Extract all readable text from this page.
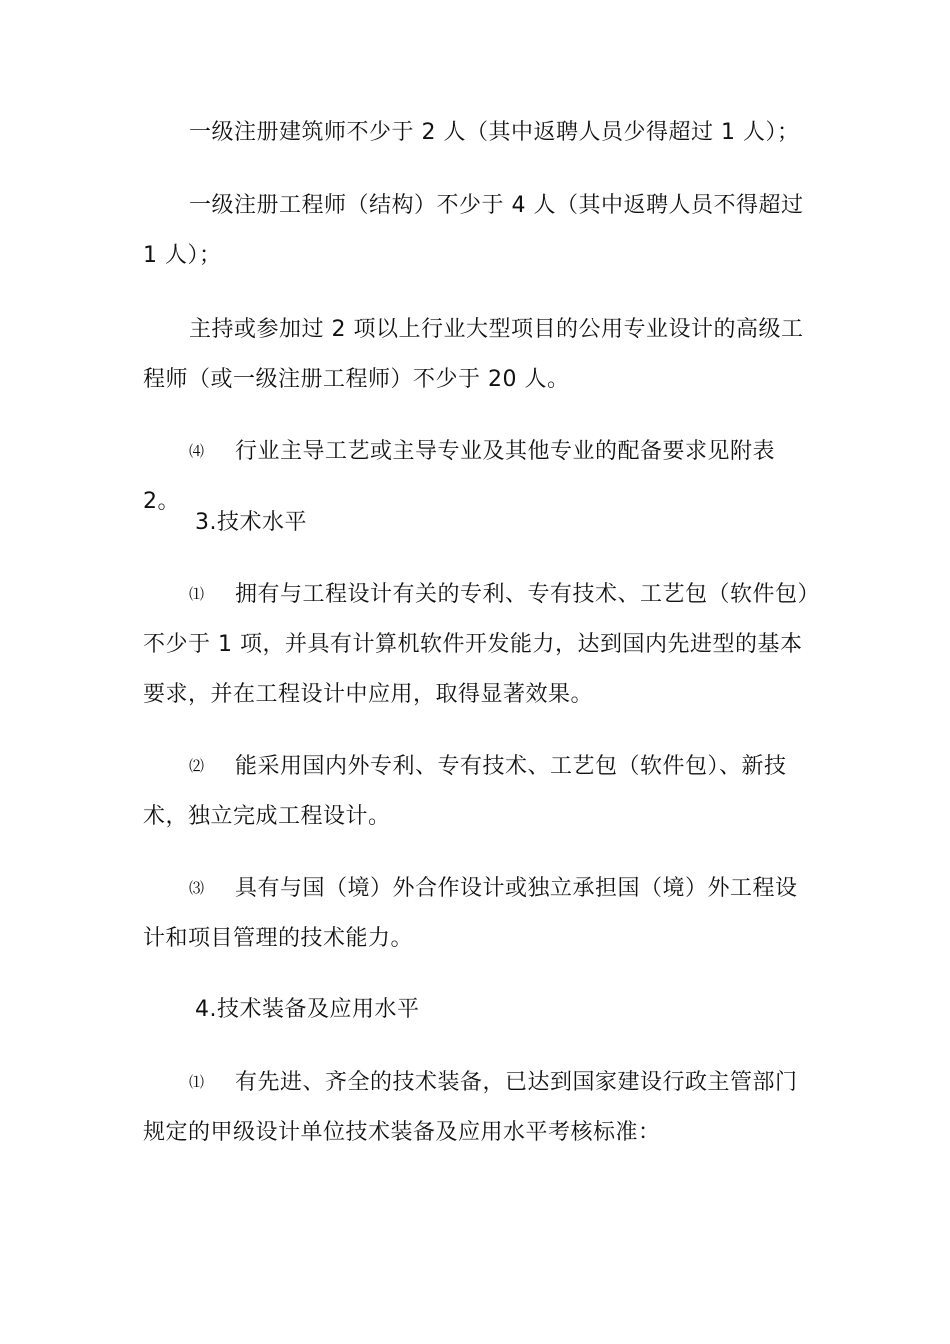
一级注册建筑师不少于 2 人（其中返聘人员少得超过 1 人）；

一级注册工程师（结构）不少于 4 人（其中返聘人员不得超过 1 人）；

主持或参加过 2 项以上行业大型项目的公用专业设计的高级工程师（或一级注册工程师）不少于 20 人。

⑷ 行业主导工艺或主导专业及其他专业的配备要求见附表 2。

3.技术水平

⑴ 拥有与工程设计有关的专利、专有技术、工艺包（软件包）不少于 1 项，并具有计算机软件开发能力，达到国内先进型的基本要求，并在工程设计中应用，取得显著效果。

⑵ 能采用国内外专利、专有技术、工艺包（软件包）、新技术，独立完成工程设计。

⑶ 具有与国（境）外合作设计或独立承担国（境）外工程设计和项目管理的技术能力。

4.技术装备及应用水平

⑴ 有先进、齐全的技术装备，已达到国家建设行政主管部门规定的甲级设计单位技术装备及应用水平考核标准：
